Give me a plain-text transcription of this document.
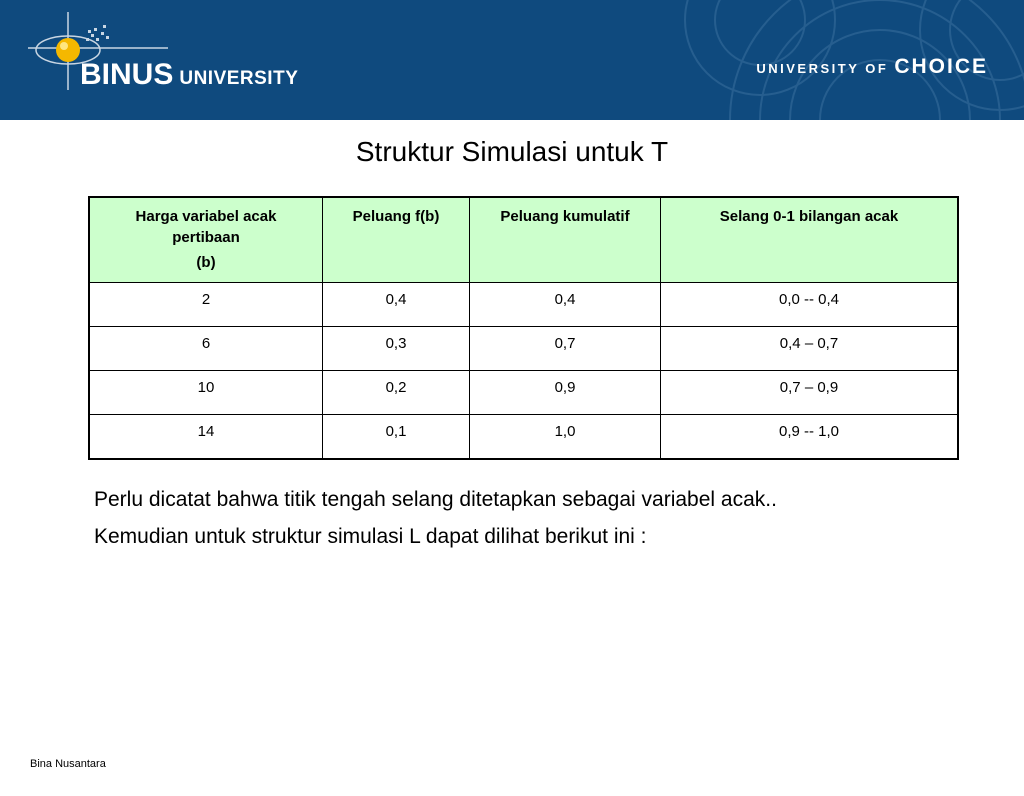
BINUS UNIVERSITY	UNIVERSITY OF CHOICE
Struktur Simulasi untuk T
Harga variabel acak
pertibaan
(b)	Peluang f(b)	Peluang kumulatif	Selang 0-1 bilangan acak

2	0,4	0,4	0,0 -- 0,4
6	0,3	0,7	0,4 – 0,7
10	0,2	0,9	0,7 – 0,9
14	0,1	1,0	0,9 -- 1,0
Perlu dicatat bahwa titik tengah selang ditetapkan sebagai variabel acak..
Kemudian untuk struktur simulasi L dapat dilihat berikut ini :
Bina Nusantara
